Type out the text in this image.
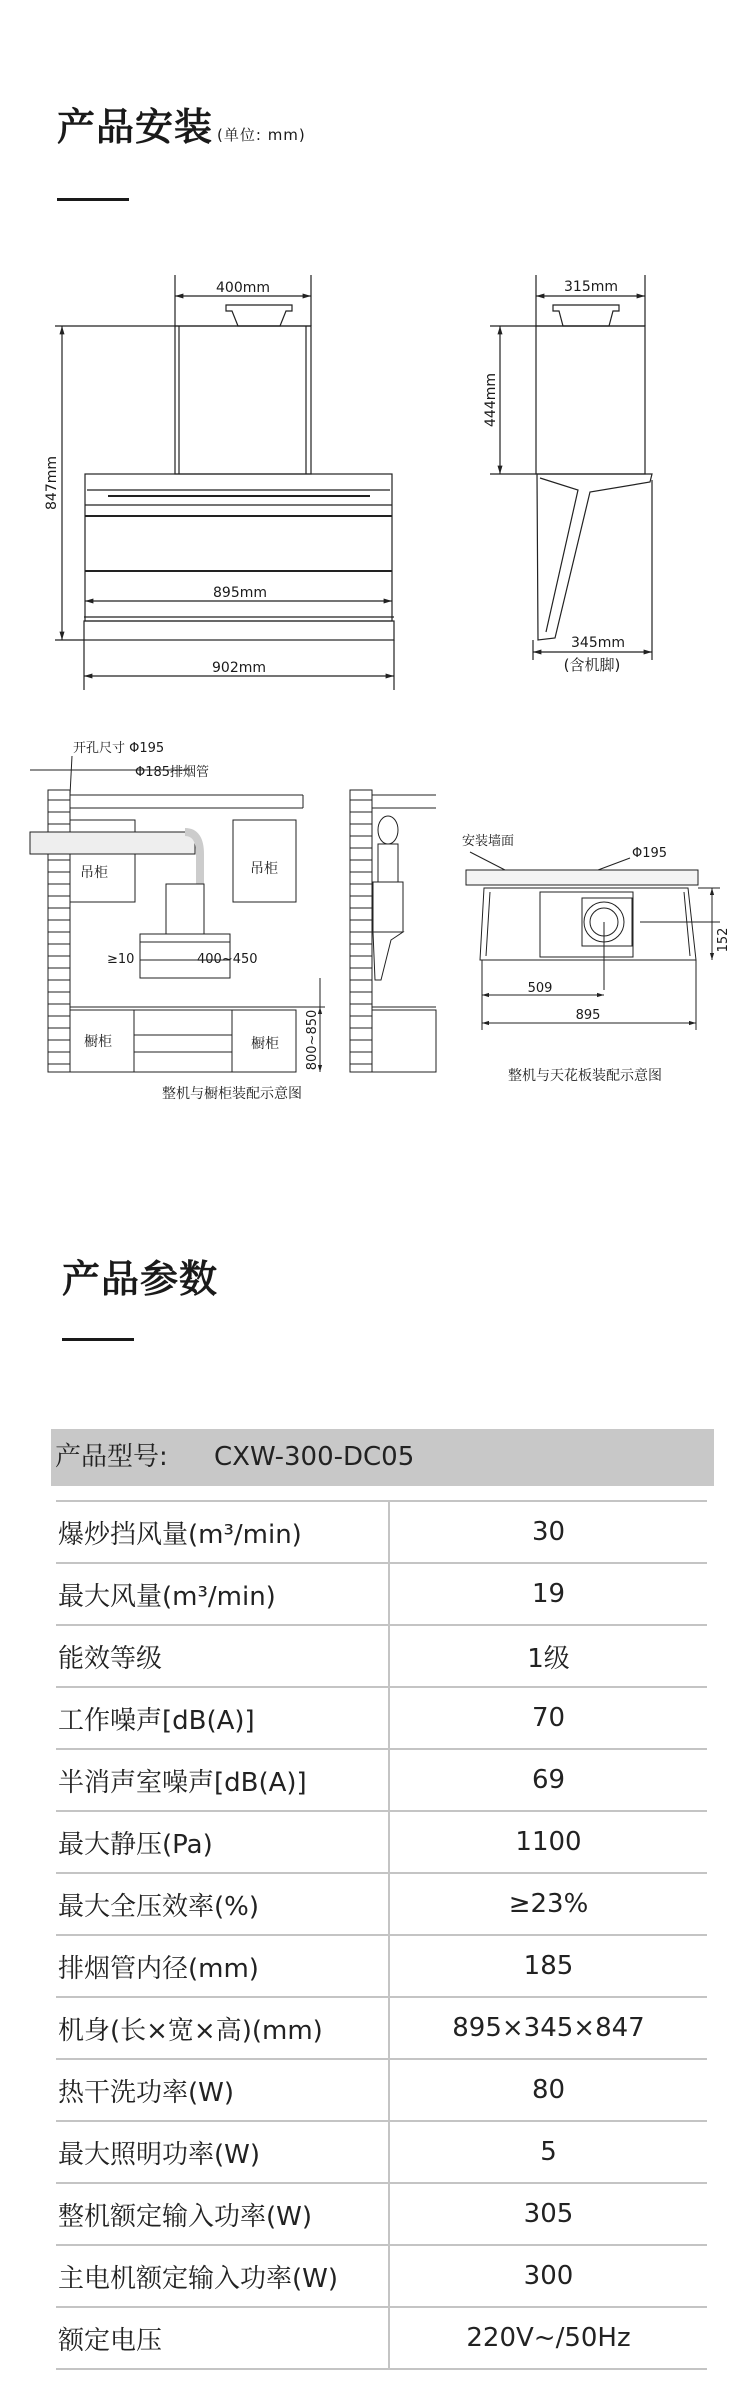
产品安装 (单位: mm)
400mm
847mm
895mm
902mm
444mm
315mm
345mm
(含机脚)
开孔尺寸 Φ195
Φ185排烟管
吊柜	吊柜
≥10	400~450
橱柜	橱柜 800~850
整机与橱柜装配示意图
安装墙面
Φ195
509
895
152
整机与天花板装配示意图
产品参数
产品型号: CXW-300-DC05
爆炒挡风量(m³/min)	30
最大风量(m³/min)	19
能效等级	1级
工作噪声[dB(A)]	70
半消声室噪声[dB(A)]	69
最大静压(Pa)	1100
最大全压效率(%)	≥23%
排烟管内径(mm)	185
机身(长×宽×高)(mm)	895×345×847
热干洗功率(W)	80
最大照明功率(W)	5
整机额定输入功率(W)	305
主电机额定输入功率(W)	300
额定电压	220V~/50Hz
